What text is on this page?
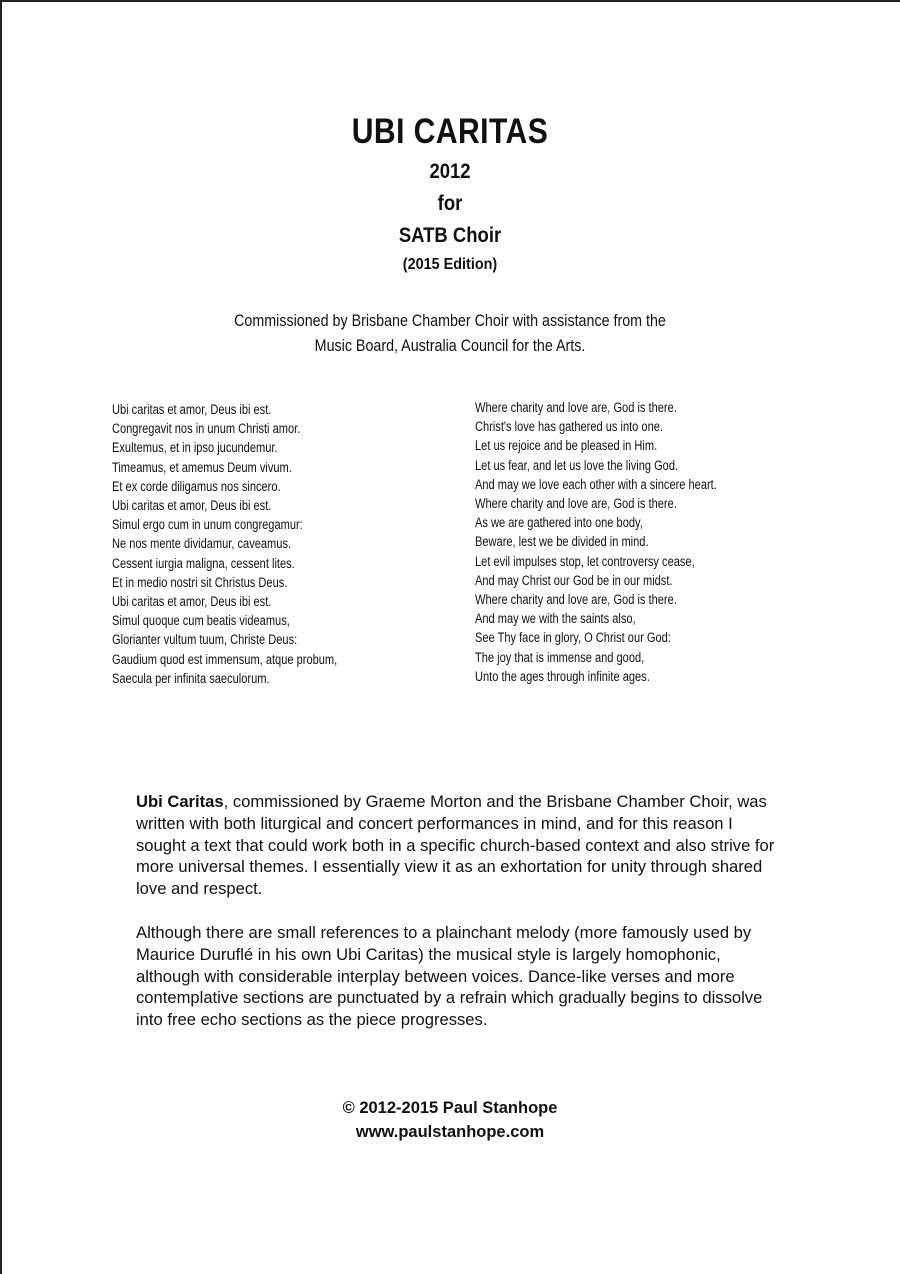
UBI CARITAS
2012
for
SATB Choir
(2015 Edition)
Commissioned by Brisbane Chamber Choir with assistance from the
Music Board, Australia Council for the Arts.
Ubi caritas et amor, Deus ibi est.
Congregavit nos in unum Christi amor.
Exultemus, et in ipso jucundemur.
Timeamus, et amemus Deum vivum.
Et ex corde diligamus nos sincero.
Ubi caritas et amor, Deus ibi est.
Simul ergo cum in unum congregamur:
Ne nos mente dividamur, caveamus.
Cessent iurgia maligna, cessent lites.
Et in medio nostri sit Christus Deus.
Ubi caritas et amor, Deus ibi est.
Simul quoque cum beatis videamus,
Glorianter vultum tuum, Christe Deus:
Gaudium quod est immensum, atque probum,
Saecula per infinita saeculorum.
Where charity and love are, God is there.
Christ's love has gathered us into one.
Let us rejoice and be pleased in Him.
Let us fear, and let us love the living God.
And may we love each other with a sincere heart.
Where charity and love are, God is there.
As we are gathered into one body,
Beware, lest we be divided in mind.
Let evil impulses stop, let controversy cease,
And may Christ our God be in our midst.
Where charity and love are, God is there.
And may we with the saints also,
See Thy face in glory, O Christ our God:
The joy that is immense and good,
Unto the ages through infinite ages.

Ubi Caritas, commissioned by Graeme Morton and the Brisbane Chamber Choir, was written with both liturgical and concert performances in mind, and for this reason I sought a text that could work both in a specific church-based context and also strive for more universal themes. I essentially view it as an exhortation for unity through shared love and respect.

Although there are small references to a plainchant melody (more famously used by Maurice Duruflé in his own Ubi Caritas) the musical style is largely homophonic, although with considerable interplay between voices. Dance-like verses and more contemplative sections are punctuated by a refrain which gradually begins to dissolve into free echo sections as the piece progresses.

© 2012-2015 Paul Stanhope
www.paulstanhope.com
